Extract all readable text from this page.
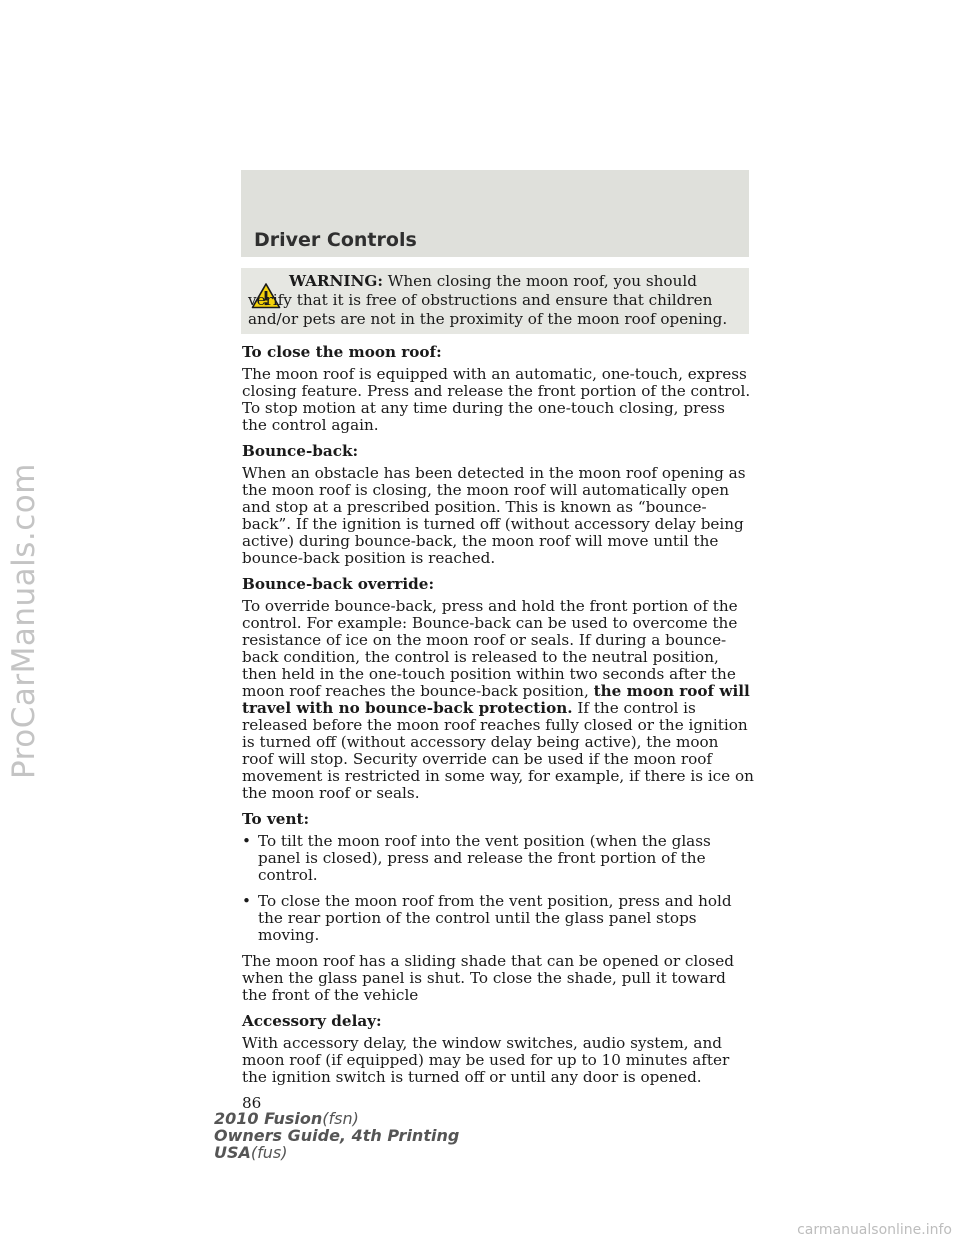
ProCarManuals.com
Driver Controls
WARNING: When closing the moon roof, you should verify that it is free of obstructions and ensure that children and/or pets are not in the proximity of the moon roof opening.

To close the moon roof:

The moon roof is equipped with an automatic, one-touch, express closing feature. Press and release the front portion of the control. To stop motion at any time during the one-touch closing, press the control again.

Bounce-back:

When an obstacle has been detected in the moon roof opening as the moon roof is closing, the moon roof will automatically open and stop at a prescribed position. This is known as “bounce-back”. If the ignition is turned off (without accessory delay being active) during bounce-back, the moon roof will move until the bounce-back position is reached.

Bounce-back override:

To override bounce-back, press and hold the front portion of the control. For example: Bounce-back can be used to overcome the resistance of ice on the moon roof or seals. If during a bounce-back condition, the control is released to the neutral position, then held in the one-touch position within two seconds after the moon roof reaches the bounce-back position, the moon roof will travel with no bounce-back protection. If the control is released before the moon roof reaches fully closed or the ignition is turned off (without accessory delay being active), the moon roof will stop. Security override can be used if the moon roof movement is restricted in some way, for example, if there is ice on the moon roof or seals.

To vent:

• To tilt the moon roof into the vent position (when the glass panel is closed), press and release the front portion of the control.
• To close the moon roof from the vent position, press and hold the rear portion of the control until the glass panel stops moving.

The moon roof has a sliding shade that can be opened or closed when the glass panel is shut. To close the shade, pull it toward the front of the vehicle

Accessory delay:

With accessory delay, the window switches, audio system, and moon roof (if equipped) may be used for up to 10 minutes after the ignition switch is turned off or until any door is opened.

86
2010 Fusion(fsn)
Owners Guide, 4th Printing
USA(fus)
carmanualsonline.info
